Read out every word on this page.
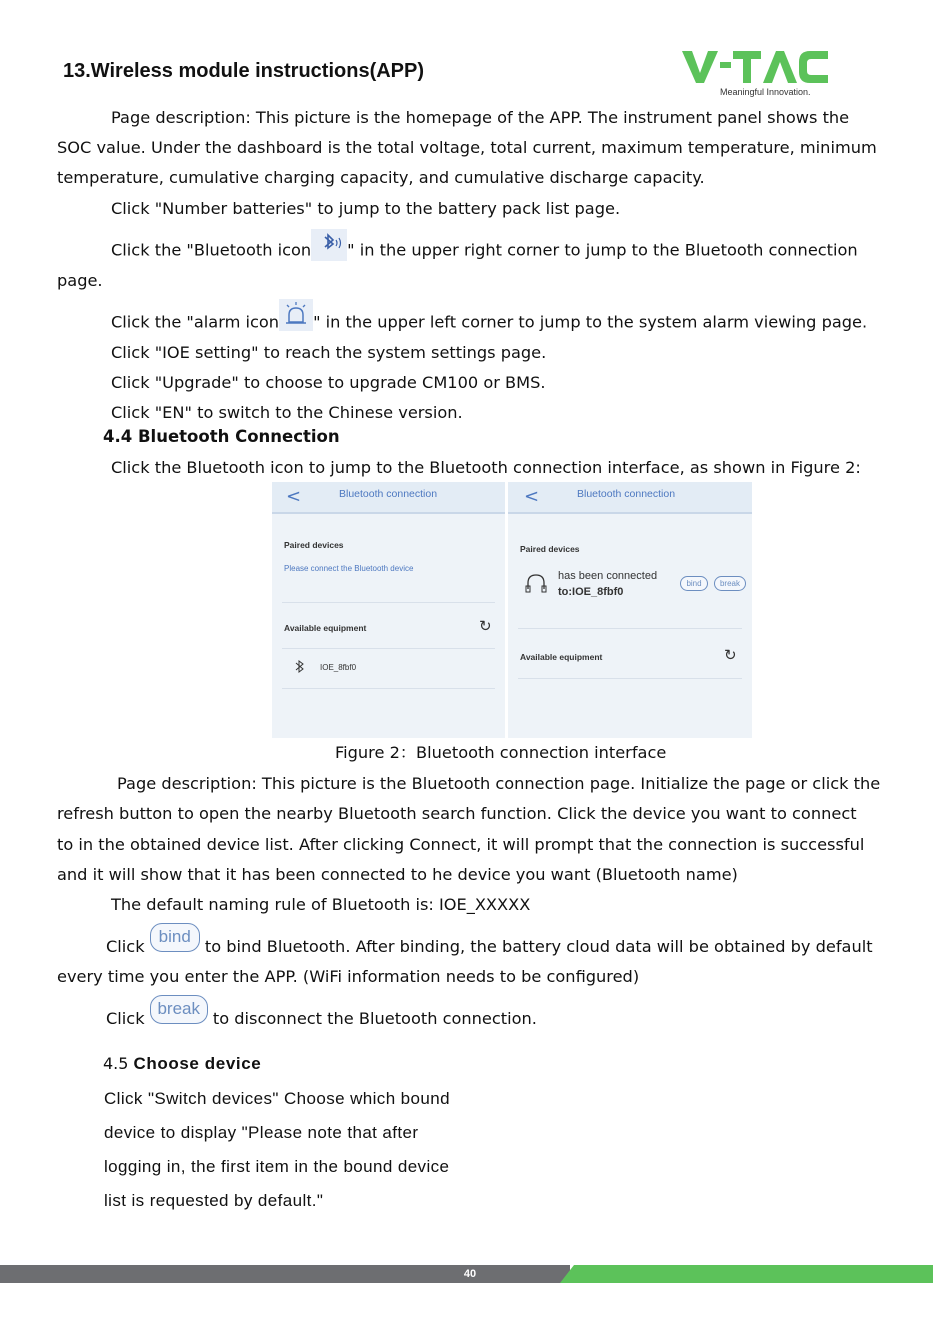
13.Wireless module instructions(APP)
Meaningful Innovation.
Page description: This picture is the homepage of the APP. The instrument panel shows the
SOC value. Under the dashboard is the total voltage, total current, maximum temperature, minimum
temperature, cumulative charging capacity, and cumulative discharge capacity.
Click "Number batteries" to jump to the battery pack list page.
Click the "Bluetooth icon " in the upper right corner to jump to the Bluetooth connection
page.
Click the "alarm icon " in the upper left corner to jump to the system alarm viewing page.
Click "IOE setting" to reach the system settings page.
Click "Upgrade" to choose to upgrade CM100 or BMS.
Click "EN" to switch to the Chinese version.
4.4 Bluetooth Connection
Click the Bluetooth icon to jump to the Bluetooth connection interface, as shown in Figure 2:
<	Bluetooth connection
Paired devices
Please connect the Bluetooth device
Available equipment	↻
IOE_8fbf0
<	Bluetooth connection
Paired devices
has been connected
to:IOE_8fbf0
bind	break
Available equipment	↻
Figure 2：Bluetooth connection interface
Page description: This picture is the Bluetooth connection page. Initialize the page or click the
refresh button to open the nearby Bluetooth search function. Click the device you want to connect
to in the obtained device list. After clicking Connect, it will prompt that the connection is successful
and it will show that it has been connected to he device you want (Bluetooth name)
The default naming rule of Bluetooth is: IOE_XXXXX
Click bind to bind Bluetooth. After binding, the battery cloud data will be obtained by default
every time you enter the APP. (WiFi information needs to be configured)
Click break to disconnect the Bluetooth connection.
4.5 Choose device
Click "Switch devices" Choose which bound
device to display "Please note that after
logging in, the first item in the bound device
list is requested by default."
40
